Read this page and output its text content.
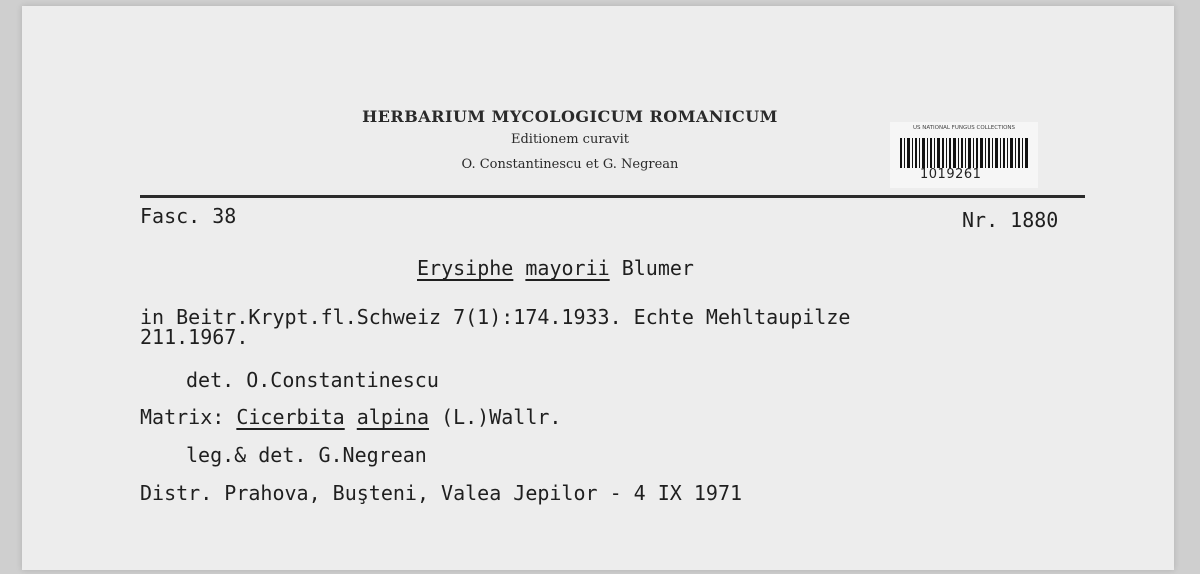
HERBARIUM MYCOLOGICUM ROMANICUM
Editionem curavit
O. Constantinescu et G. Negrean
US NATIONAL FUNGUS COLLECTIONS
1019261
Fasc. 38	Nr. 1880
Erysiphe mayorii Blumer
in Beitr.Krypt.fl.Schweiz 7(1):174.1933. Echte Mehltaupilze
211.1967.
det. O.Constantinescu
Matrix: Cicerbita alpina (L.)Wallr.
leg.& det. G.Negrean
Distr. Prahova, Buşteni, Valea Jepilor - 4 IX 1971
